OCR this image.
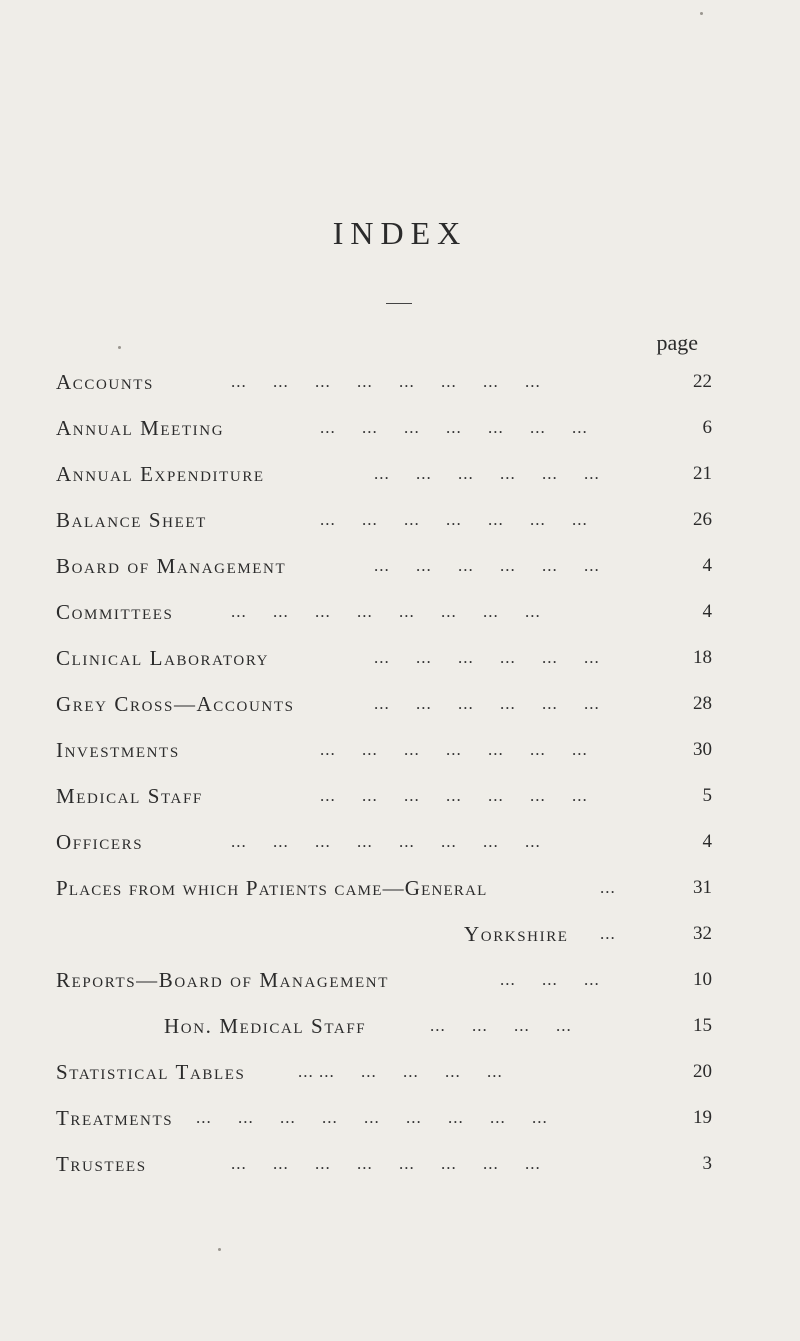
INDEX
page
Accounts	...     ...     ...     ...     ...     ...     ...     ...	22
Annual Meeting	...     ...     ...     ...     ...     ...     ...	6
Annual Expenditure	...     ...     ...     ...     ...     ...	21
Balance Sheet	...     ...     ...     ...     ...     ...     ...	26
Board of Management	...     ...     ...     ...     ...     ...	4
Committees	...     ...     ...     ...     ...     ...     ...     ...	4
Clinical Laboratory	...     ...     ...     ...     ...     ...	18
Grey Cross—Accounts	...     ...     ...     ...     ...     ...	28
Investments	...     ...     ...     ...     ...     ...     ...	30
Medical Staff	...     ...     ...     ...     ...     ...     ...	5
Officers	...     ...     ...     ...     ...     ...     ...     ...	4
Places from which Patients came—General	...	31
Yorkshire ...	32
Reports—Board of Management	...     ...     ...	10
Hon. Medical Staff	...     ...     ...     ...	15
Statistical Tables	... ...     ...     ...     ...     ...	20
Treatments ...     ...     ...     ...     ...     ...     ...     ...     ...	19
Trustees	...     ...     ...     ...     ...     ...     ...     ...	3
